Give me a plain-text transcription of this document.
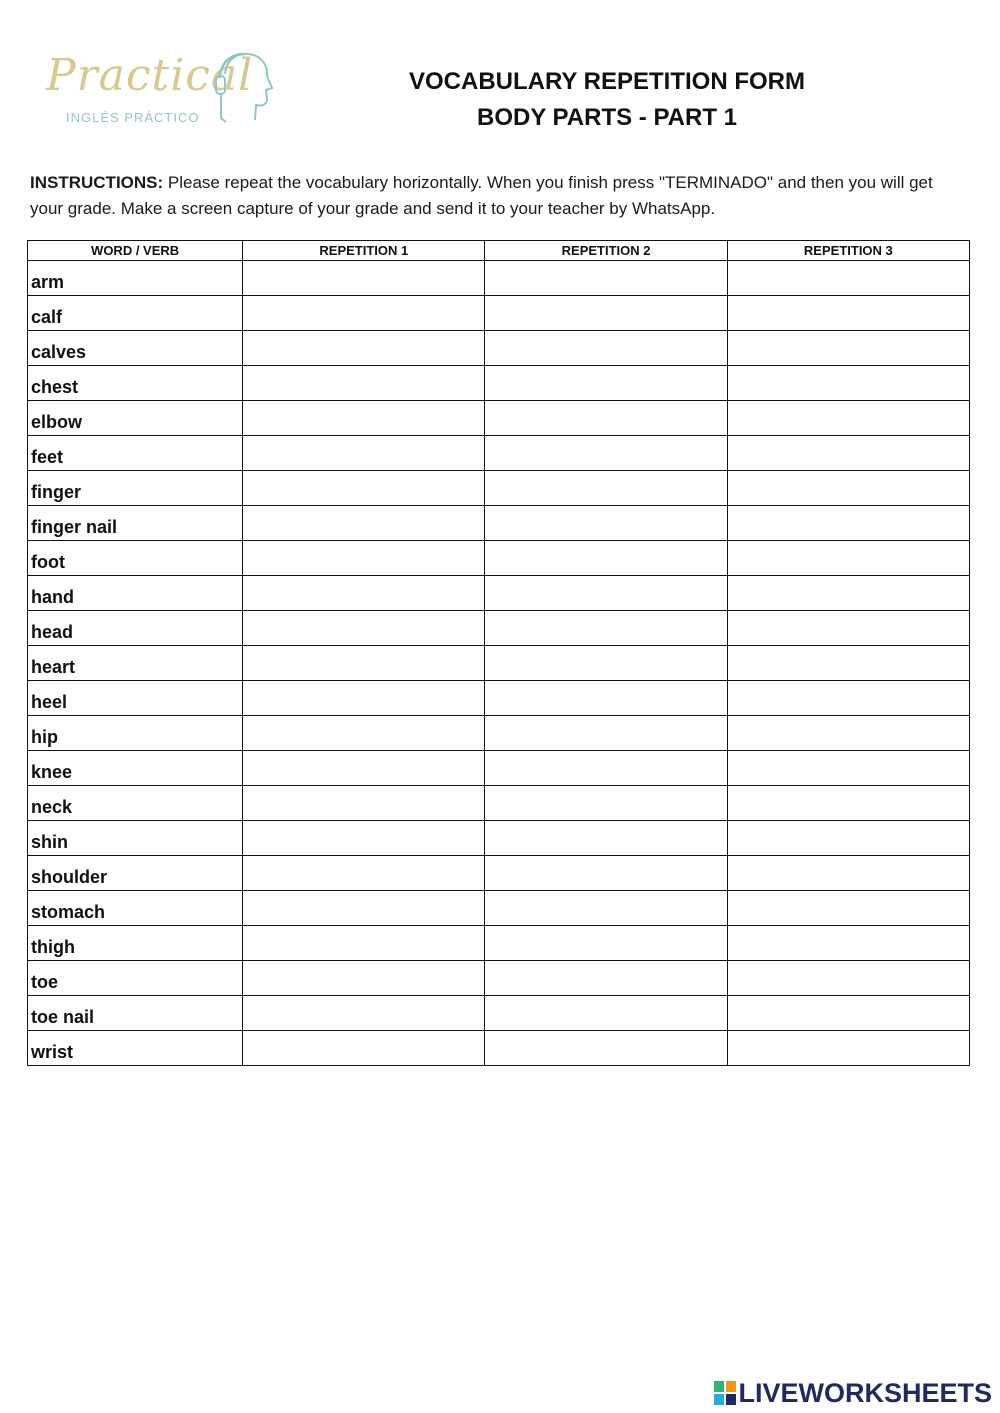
Practical
INGLÉS PRÁCTICO
VOCABULARY REPETITION FORM
BODY PARTS - PART 1
INSTRUCTIONS: Please repeat the vocabulary horizontally. When you finish press "TERMINADO" and then you will get your grade. Make a screen capture of your grade and send it to your teacher by WhatsApp.
WORD / VERB	REPETITION 1	REPETITION 2	REPETITION 3
arm			
calf			
calves			
chest			
elbow			
feet			
finger			
finger nail			
foot			
hand			
head			
heart			
heel			
hip			
knee			
neck			
shin			
shoulder			
stomach			
thigh			
toe			
toe nail			
wrist			
LIVEWORKSHEETS
